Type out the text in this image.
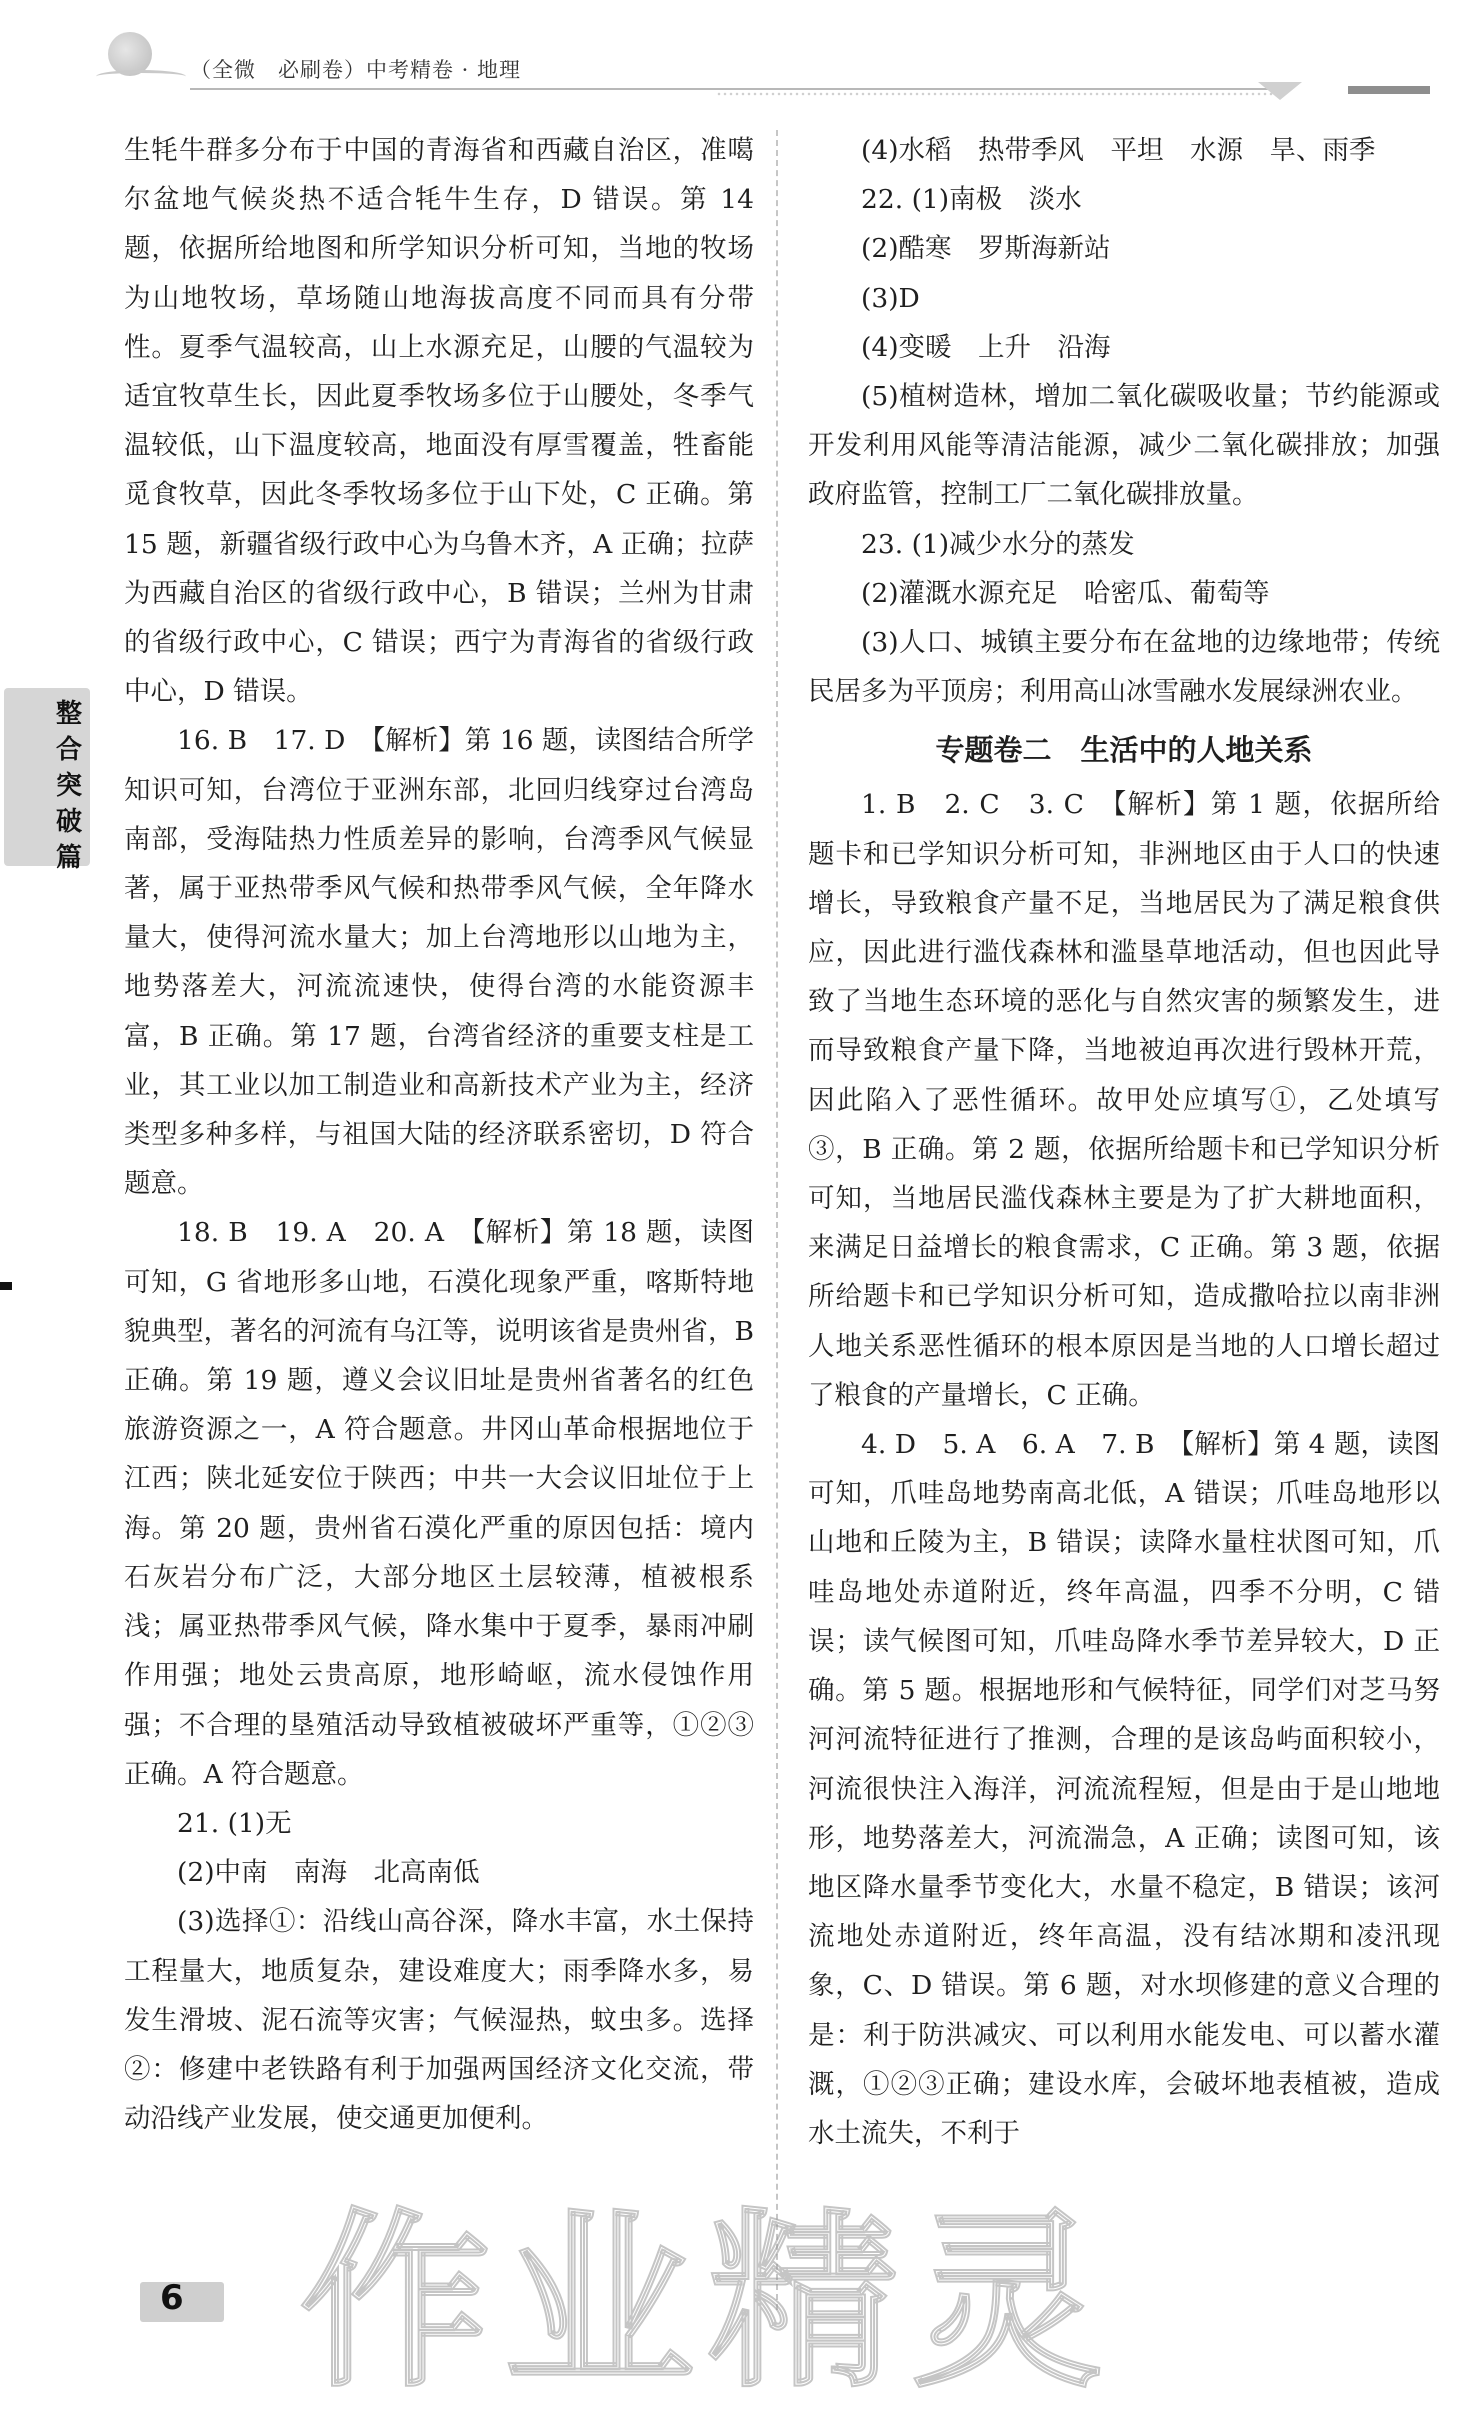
（全微　必刷卷）中考精卷 · 地理
整合突破篇

生牦牛群多分布于中国的青海省和西藏自治区，准噶尔盆地气候炎热不适合牦牛生存，D 错误。第 14 题，依据所给地图和所学知识分析可知，当地的牧场为山地牧场，草场随山地海拔高度不同而具有分带性。夏季气温较高，山上水源充足，山腰的气温较为适宜牧草生长，因此夏季牧场多位于山腰处，冬季气温较低，山下温度较高，地面没有厚雪覆盖，牲畜能觅食牧草，因此冬季牧场多位于山下处，C 正确。第 15 题，新疆省级行政中心为乌鲁木齐，A 正确；拉萨为西藏自治区的省级行政中心，B 错误；兰州为甘肃的省级行政中心，C 错误；西宁为青海省的省级行政中心，D 错误。

16. B　17. D　【解析】第 16 题，读图结合所学知识可知，台湾位于亚洲东部，北回归线穿过台湾岛南部，受海陆热力性质差异的影响，台湾季风气候显著，属于亚热带季风气候和热带季风气候，全年降水量大，使得河流水量大；加上台湾地形以山地为主，地势落差大，河流流速快，使得台湾的水能资源丰富，B 正确。第 17 题，台湾省经济的重要支柱是工业，其工业以加工制造业和高新技术产业为主，经济类型多种多样，与祖国大陆的经济联系密切，D 符合题意。

18. B　19. A　20. A　【解析】第 18 题，读图可知，G 省地形多山地，石漠化现象严重，喀斯特地貌典型，著名的河流有乌江等，说明该省是贵州省，B 正确。第 19 题，遵义会议旧址是贵州省著名的红色旅游资源之一，A 符合题意。井冈山革命根据地位于江西；陕北延安位于陕西；中共一大会议旧址位于上海。第 20 题，贵州省石漠化严重的原因包括：境内石灰岩分布广泛，大部分地区土层较薄，植被根系浅；属亚热带季风气候，降水集中于夏季，暴雨冲刷作用强；地处云贵高原，地形崎岖，流水侵蚀作用强；不合理的垦殖活动导致植被破坏严重等，①②③正确。A 符合题意。

21. (1)无

(2)中南　南海　北高南低

(3)选择①：沿线山高谷深，降水丰富，水土保持工程量大，地质复杂，建设难度大；雨季降水多，易发生滑坡、泥石流等灾害；气候湿热，蚊虫多。选择②：修建中老铁路有利于加强两国经济文化交流，带动沿线产业发展，使交通更加便利。

(4)水稻　热带季风　平坦　水源　旱、雨季

22. (1)南极　淡水

(2)酷寒　罗斯海新站

(3)D

(4)变暖　上升　沿海

(5)植树造林，增加二氧化碳吸收量；节约能源或开发利用风能等清洁能源，减少二氧化碳排放；加强政府监管，控制工厂二氧化碳排放量。

23. (1)减少水分的蒸发

(2)灌溉水源充足　哈密瓜、葡萄等

(3)人口、城镇主要分布在盆地的边缘地带；传统民居多为平顶房；利用高山冰雪融水发展绿洲农业。

专题卷二　生活中的人地关系

1. B　2. C　3. C　【解析】第 1 题，依据所给题卡和已学知识分析可知，非洲地区由于人口的快速增长，导致粮食产量不足，当地居民为了满足粮食供应，因此进行滥伐森林和滥垦草地活动，但也因此导致了当地生态环境的恶化与自然灾害的频繁发生，进而导致粮食产量下降，当地被迫再次进行毁林开荒，因此陷入了恶性循环。故甲处应填写①，乙处填写③，B 正确。第 2 题，依据所给题卡和已学知识分析可知，当地居民滥伐森林主要是为了扩大耕地面积，来满足日益增长的粮食需求，C 正确。第 3 题，依据所给题卡和已学知识分析可知，造成撒哈拉以南非洲人地关系恶性循环的根本原因是当地的人口增长超过了粮食的产量增长，C 正确。

4. D　5. A　6. A　7. B　【解析】第 4 题，读图可知，爪哇岛地势南高北低，A 错误；爪哇岛地形以山地和丘陵为主，B 错误；读降水量柱状图可知，爪哇岛地处赤道附近，终年高温，四季不分明，C 错误；读气候图可知，爪哇岛降水季节差异较大，D 正确。第 5 题。根据地形和气候特征，同学们对芝马努河河流特征进行了推测，合理的是该岛屿面积较小，河流很快注入海洋，河流流程短，但是由于是山地地形，地势落差大，河流湍急，A 正确；读图可知，该地区降水量季节变化大，水量不稳定，B 错误；该河流地处赤道附近，终年高温，没有结冰期和凌汛现象，C、D 错误。第 6 题，对水坝修建的意义合理的是：利于防洪减灾、可以利用水能发电、可以蓄水灌溉，①②③正确；建设水库，会破坏地表植被，造成水土流失，不利于

6 作业精灵
